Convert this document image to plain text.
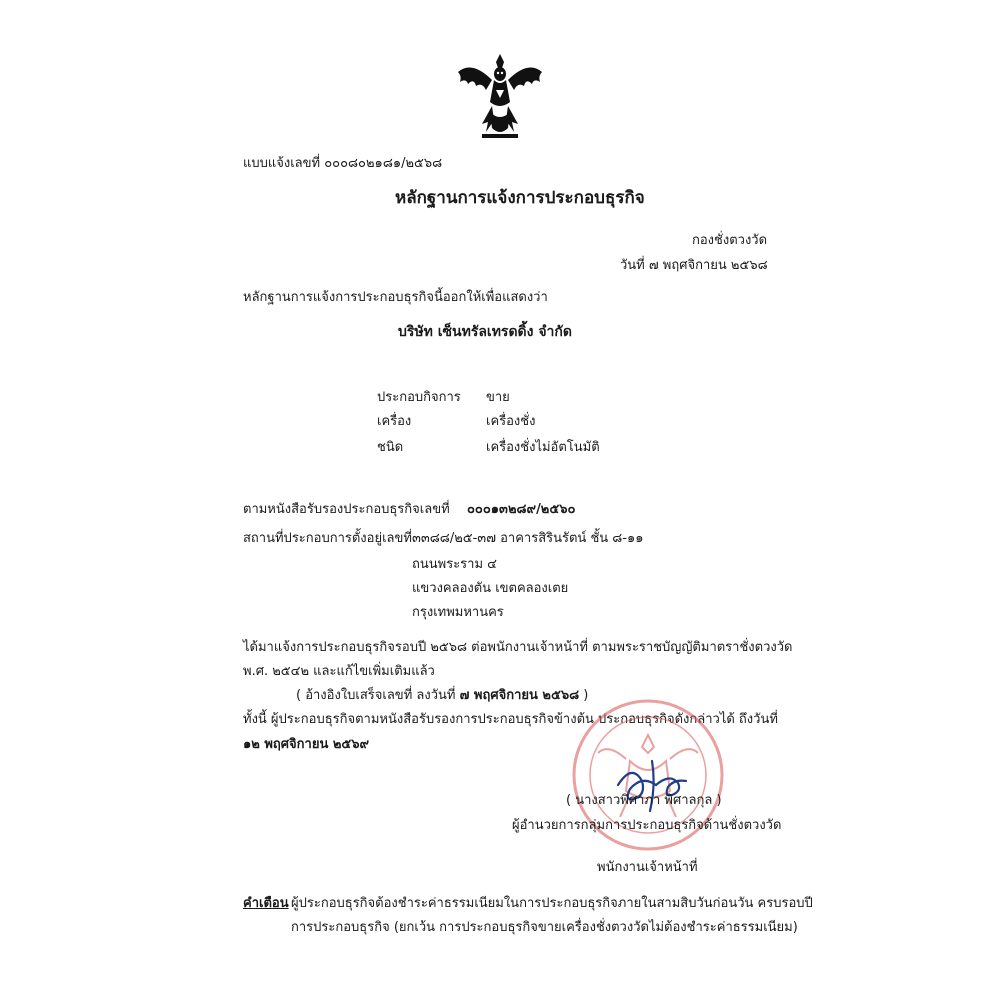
แบบแจ้งเลขที่ ๐๐๐๘๐๒๑๘๑/๒๕๖๘
หลักฐานการแจ้งการประกอบธุรกิจ
กองชั่งตวงวัด
วันที่ ๗ พฤศจิกายน ๒๕๖๘
หลักฐานการแจ้งการประกอบธุรกิจนี้ออกให้เพื่อแสดงว่า
บริษัท เซ็นทรัลเทรดดิ้ง จำกัด
ประกอบกิจการ ขาย
เครื่อง	เครื่องชั่ง
ชนิด	เครื่องชั่งไม่อัตโนมัติ
ตามหนังสือรับรองประกอบธุรกิจเลขที่ ๐๐๐๑๓๒๘๙/๒๕๖๐
สถานที่ประกอบการตั้งอยู่เลขที่ ๓๓๘๘/๒๕-๓๗ อาคารสิรินรัตน์ ชั้น ๘-๑๑
ถนนพระราม ๔
แขวงคลองตัน เขตคลองเตย
กรุงเทพมหานคร
ได้มาแจ้งการประกอบธุรกิจรอบปี ๒๕๖๘ ต่อพนักงานเจ้าหน้าที่ ตามพระราชบัญญัติมาตราชั่งตวงวัด
พ.ศ. ๒๕๔๒ และแก้ไขเพิ่มเติมแล้ว
( อ้างอิงใบเสร็จเลขที่ ลงวันที่ ๗ พฤศจิกายน ๒๕๖๘ )
ทั้งนี้ ผู้ประกอบธุรกิจตามหนังสือรับรองการประกอบธุรกิจข้างต้น ประกอบธุรกิจดังกล่าวได้ ถึงวันที่
๑๒ พฤศจิกายน ๒๕๖๙
( นางสาวพิศาภา พิศาลกุล )
ผู้อำนวยการกลุ่มการประกอบธุรกิจด้านชั่งตวงวัด
พนักงานเจ้าหน้าที่
คำเตือน ผู้ประกอบธุรกิจต้องชำระค่าธรรมเนียมในการประกอบธุรกิจภายในสามสิบวันก่อนวัน ครบรอบปี
การประกอบธุรกิจ (ยกเว้น การประกอบธุรกิจขายเครื่องชั่งตวงวัดไม่ต้องชำระค่าธรรมเนียม)
